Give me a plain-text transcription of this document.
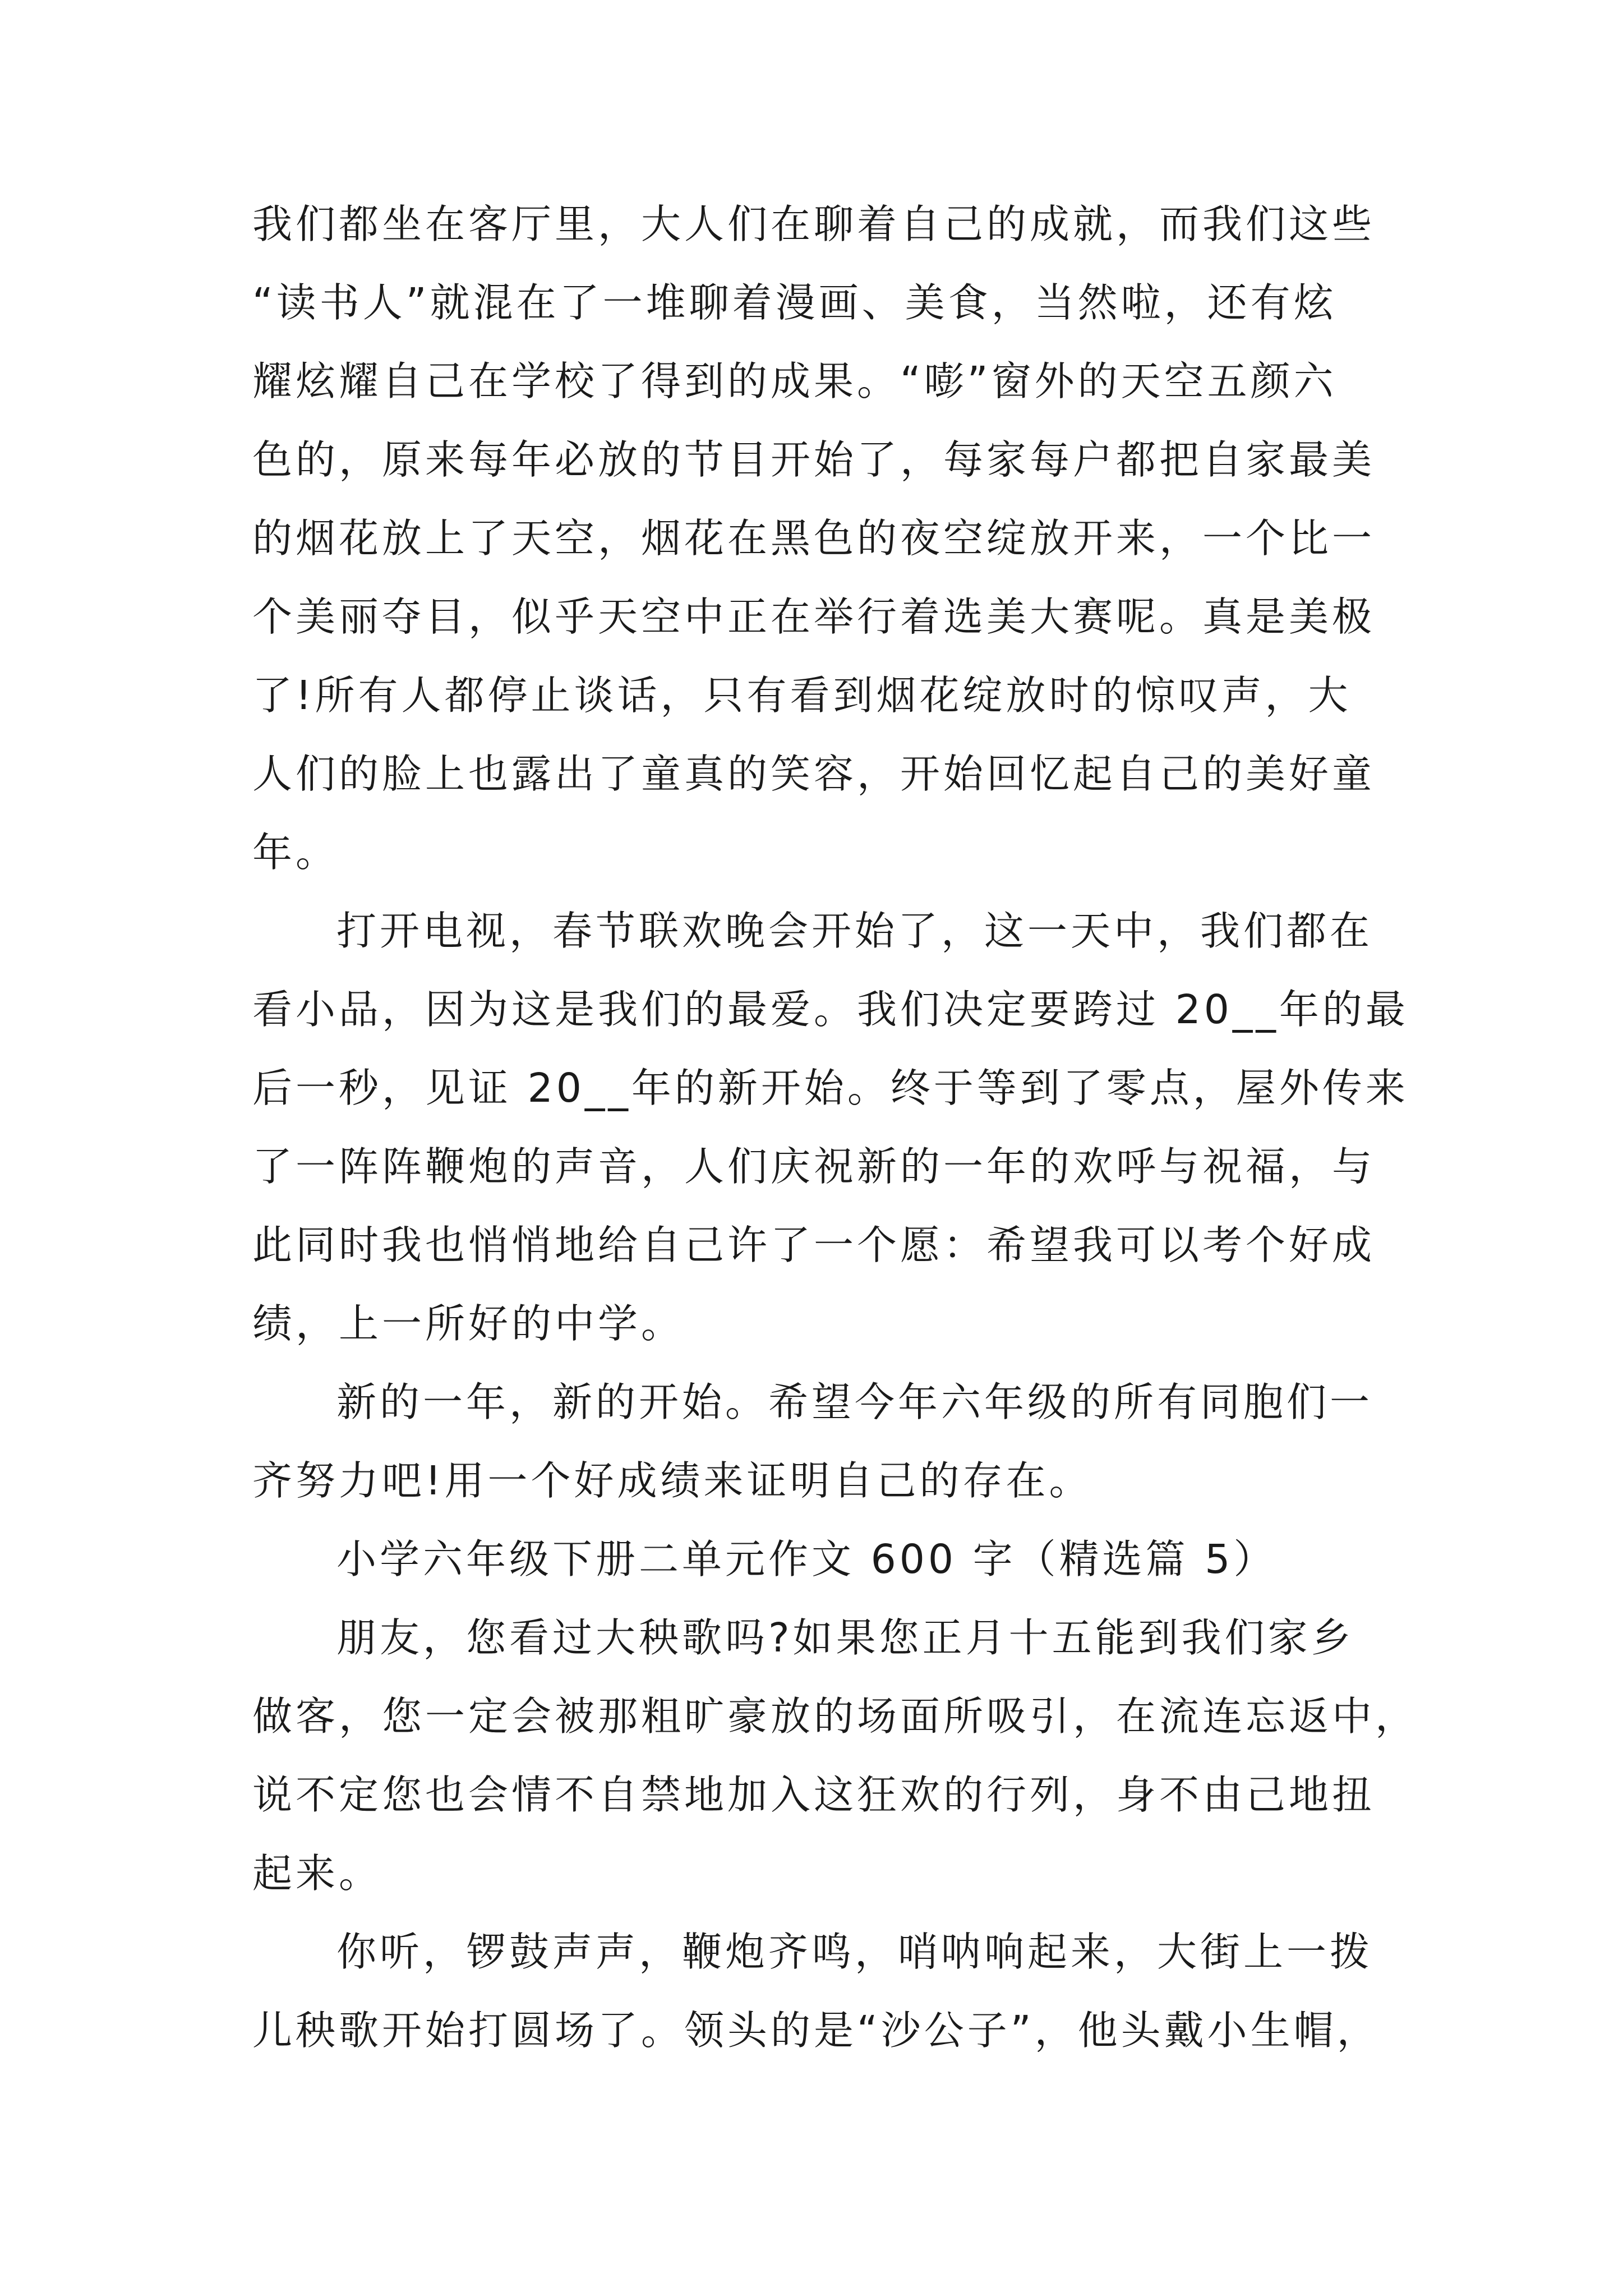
我们都坐在客厅里，大人们在聊着自己的成就，而我们这些
“读书人”就混在了一堆聊着漫画、美食，当然啦，还有炫
耀炫耀自己在学校了得到的成果。“嘭”窗外的天空五颜六
色的，原来每年必放的节目开始了，每家每户都把自家最美
的烟花放上了天空，烟花在黑色的夜空绽放开来，一个比一
个美丽夺目，似乎天空中正在举行着选美大赛呢。真是美极
了!所有人都停止谈话，只有看到烟花绽放时的惊叹声，大
人们的脸上也露出了童真的笑容，开始回忆起自己的美好童
年。
打开电视，春节联欢晚会开始了，这一天中，我们都在
看小品，因为这是我们的最爱。我们决定要跨过 20__年的最
后一秒，见证 20__年的新开始。终于等到了零点，屋外传来
了一阵阵鞭炮的声音，人们庆祝新的一年的欢呼与祝福，与
此同时我也悄悄地给自己许了一个愿：希望我可以考个好成
绩，上一所好的中学。
新的一年，新的开始。希望今年六年级的所有同胞们一
齐努力吧!用一个好成绩来证明自己的存在。
小学六年级下册二单元作文 600 字（精选篇 5）
朋友，您看过大秧歌吗?如果您正月十五能到我们家乡
做客，您一定会被那粗旷豪放的场面所吸引，在流连忘返中，
说不定您也会情不自禁地加入这狂欢的行列，身不由己地扭
起来。
你听，锣鼓声声，鞭炮齐鸣，哨呐响起来，大街上一拨
儿秧歌开始打圆场了。领头的是“沙公子”，他头戴小生帽，
